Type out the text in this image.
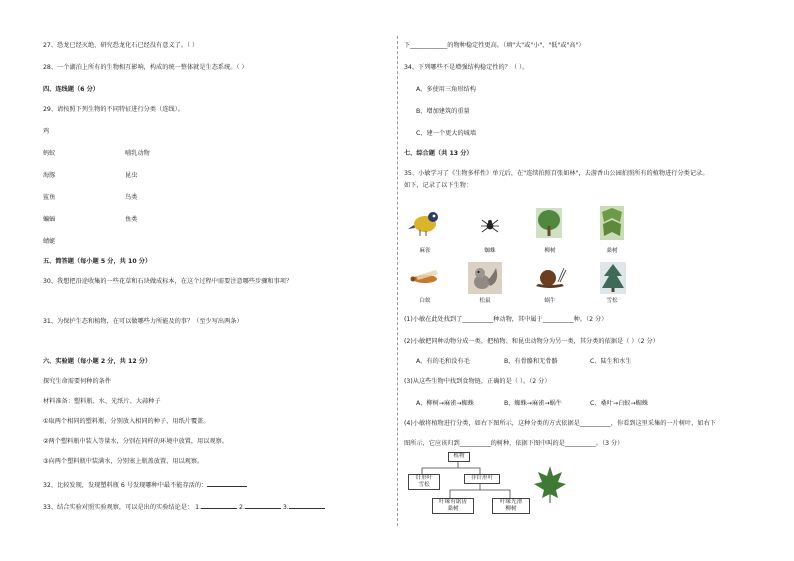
27、恐龙已经灭绝，研究恐龙化石已经没有意义了。（ ）
28、一个湖泊上所有的生物相互影响，构成的统一整体就是生态系统。（ ）
四、连线题（6 分）
29、请按照下列生物的不同特征进行分类（连线）。
鸡
蚂蚁	哺乳动物
海豚	昆虫
鲨鱼	鸟类
蝙蝠	鱼类
蜻蜓
五、简答题（每小题 5 分，共 10 分）
30、我想把沿途收集的一些花草和石块做成标本，在这个过程中需要注意哪些步骤和事项？
31、为保护生态和植物，在可以做哪些力所能及的事？（至少写出两条）
六、实验题（每小题 2 分，共 12 分）
探究生命需要何种的条件
材料准备：塑料瓶、水、光纸片、大蒜种子
①取两个相同的塑料瓶，分别放入相同的种子，用纸片覆盖。
②两个塑料瓶中装入等量水，分别在同样的环境中放置，用以观察。
③向两个塑料瓶中装满水，分别塞上瓶盖放置，用以观察。
32、比较发现，发现塑料瓶 6 号发现哪种中最不能存活的：
33、结合实验对照实验观察，可以是出的实验结论是： 1.	2.	3.
下____________的物种稳定性更高。（填"大"或"小"、"低"或"高"）
34、下列哪些不是增强结构稳定性的？（ ）。
A、多使用三角形结构
B、增加建筑的重量
C、建一个更大的城墙
七、综合题（共 13 分）
35、小敏学习了《生物多样性》单元后，在"连续拍照百张如林"，去游香山公园拍照所有的植物进行分类记录。
如下，记录了以下生物：
麻雀	蜘蛛	柳树	桑树
白蚁	松鼠	蜗牛	雪松
(1)小敏在此处找到了__________种动物，其中属于__________种。（2 分）
(2)小敏把同种动物分成一类，把植物、和昆虫动物分为另一类，其分类的依据是（ ）（2 分）
A、有的毛和没有毛	B、有骨骼和无骨骼	C、陆生和水生
(3)从这些生物中找到食物链，正确的是（ ）。（2 分）
A、柳树→麻雀→蜘蛛	B、蜘蛛→麻雀→蜗牛	C、桑叶→白蚁→蜘蛛
(4)小敏将植物进行分类，如右下图所示，这种分类的方式依据是__________，你看到这里采集的一片树叶，如右下
图所示，它应该归到__________的树种，依据下图中叫的是__________。（3 分）
植物
针形叶
雪松
非针形叶
叶缘有锯齿
桑树
叶缘光滑
柳树
